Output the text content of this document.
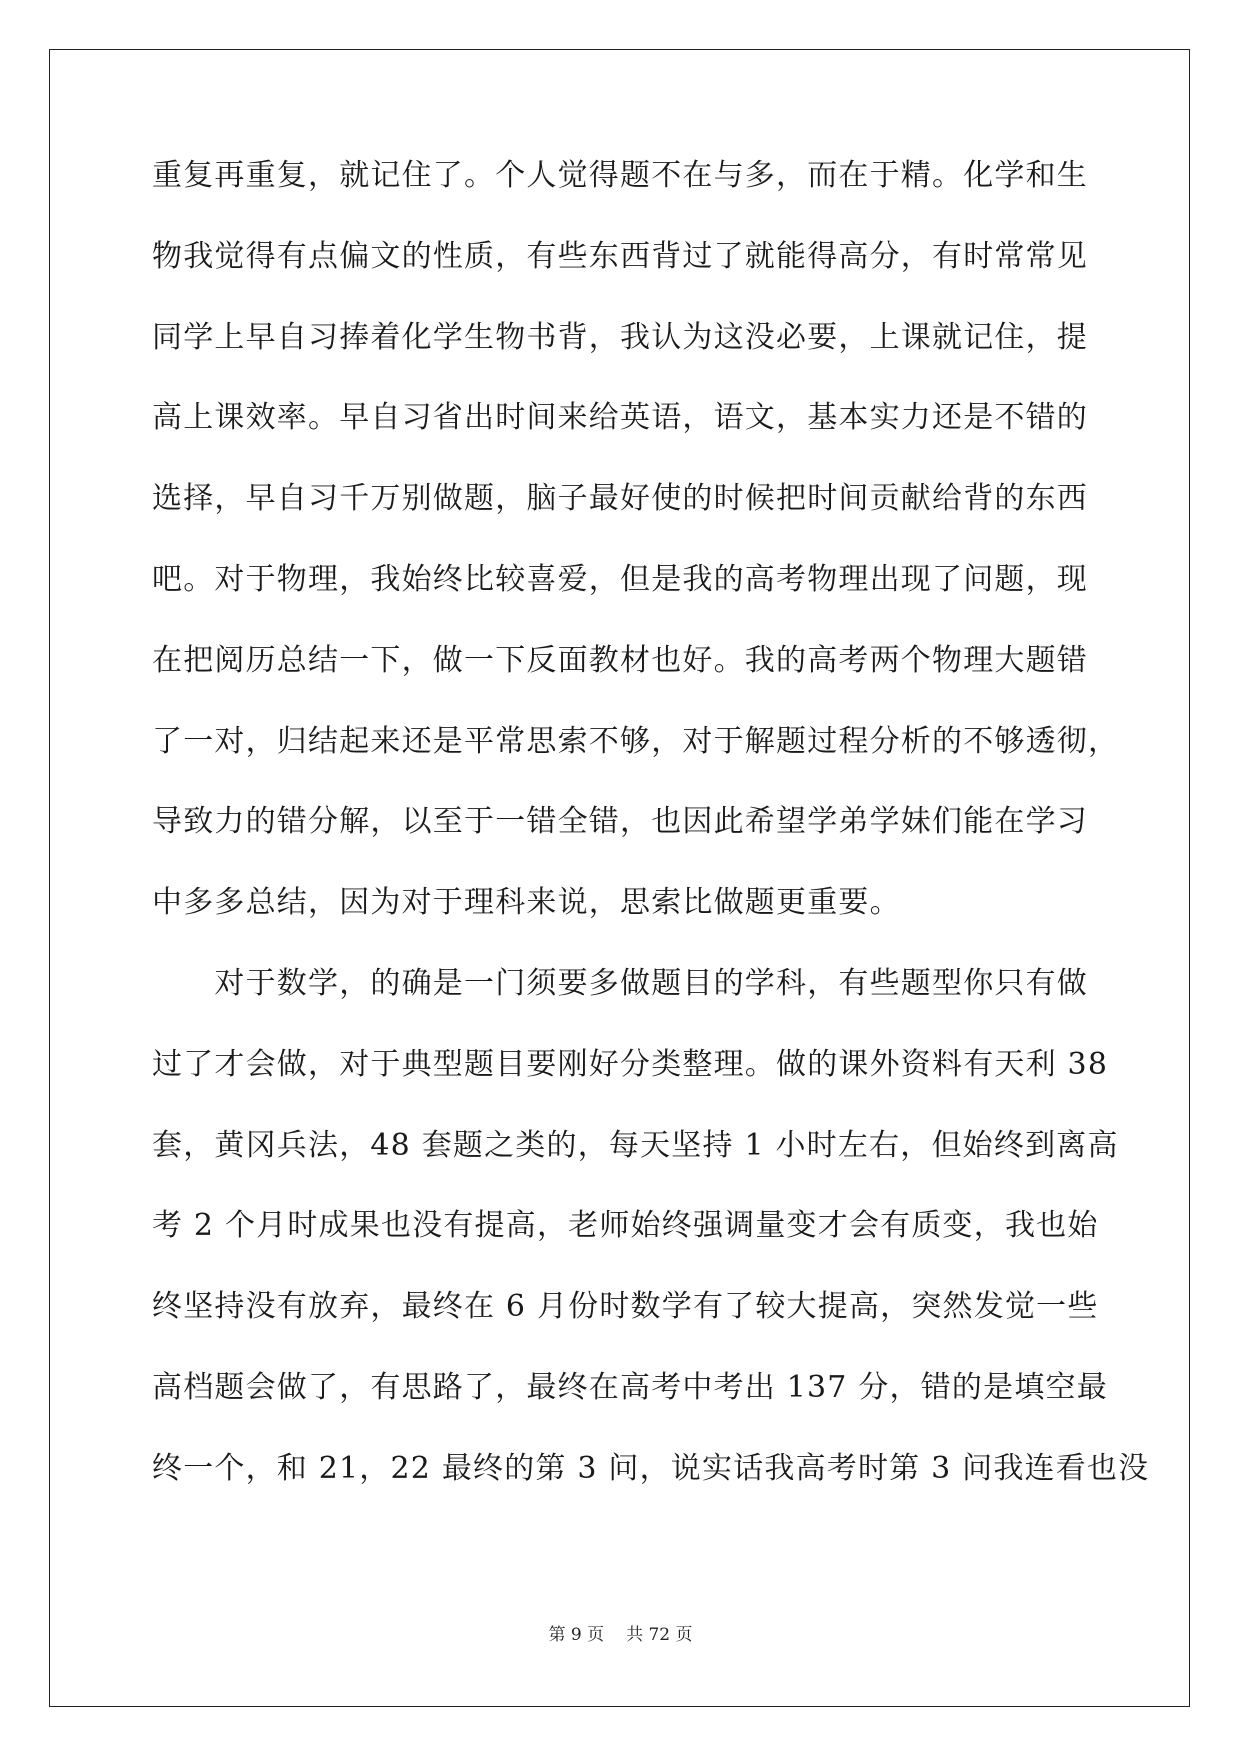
重复再重复，就记住了。个人觉得题不在与多，而在于精。化学和生
物我觉得有点偏文的性质，有些东西背过了就能得高分，有时常常见
同学上早自习捧着化学生物书背，我认为这没必要，上课就记住，提
高上课效率。早自习省出时间来给英语，语文，基本实力还是不错的
选择，早自习千万别做题，脑子最好使的时候把时间贡献给背的东西
吧。对于物理，我始终比较喜爱，但是我的高考物理出现了问题，现
在把阅历总结一下，做一下反面教材也好。我的高考两个物理大题错
了一对，归结起来还是平常思索不够，对于解题过程分析的不够透彻，
导致力的错分解，以至于一错全错，也因此希望学弟学妹们能在学习
中多多总结，因为对于理科来说，思索比做题更重要。
　　对于数学，的确是一门须要多做题目的学科，有些题型你只有做
过了才会做，对于典型题目要刚好分类整理。做的课外资料有天利 38
套，黄冈兵法，48 套题之类的，每天坚持 1 小时左右，但始终到离高
考 2 个月时成果也没有提高，老师始终强调量变才会有质变，我也始
终坚持没有放弃，最终在 6 月份时数学有了较大提高，突然发觉一些
高档题会做了，有思路了，最终在高考中考出 137 分，错的是填空最
终一个，和 21，22 最终的第 3 问，说实话我高考时第 3 问我连看也没
第 9 页 共 72 页
